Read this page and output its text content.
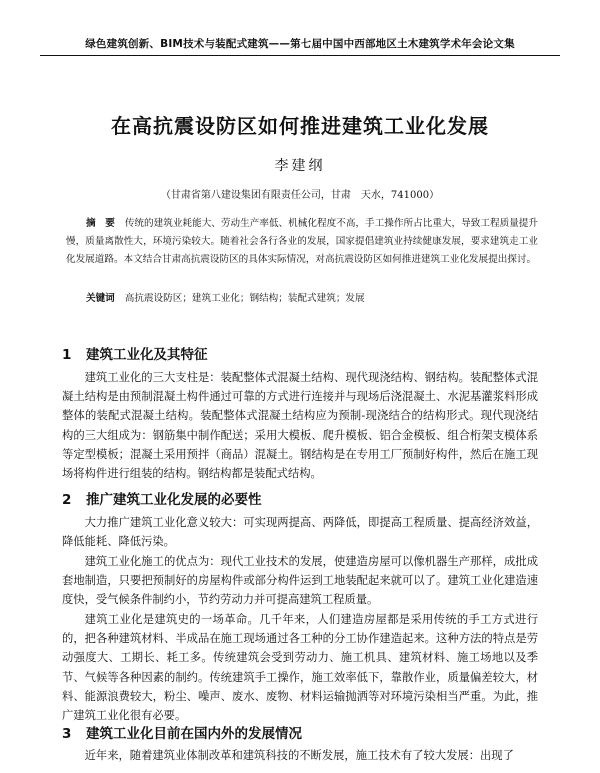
绿色建筑创新、BIM技术与装配式建筑——第七届中国中西部地区土木建筑学术年会论文集
在高抗震设防区如何推进建筑工业化发展
李建纲
（甘肃省第八建设集团有限责任公司，甘肃　天水，741000）
摘　要 传统的建筑业耗能大、劳动生产率低、机械化程度不高，手工操作所占比重大，导致工程质量提升慢，质量离散性大，环境污染较大。随着社会各行各业的发展，国家提倡建筑业持续健康发展，要求建筑走工业化发展道路。本文结合甘肃高抗震设防区的具体实际情况，对高抗震设防区如何推进建筑工业化发展提出探讨。
关键词 高抗震设防区；建筑工业化；钢结构；装配式建筑；发展
1 建筑工业化及其特征
建筑工业化的三大支柱是：装配整体式混凝土结构、现代现浇结构、钢结构。装配整体式混凝土结构是由预制混凝土构件通过可靠的方式进行连接并与现场后浇混凝土、水泥基灌浆料形成整体的装配式混凝土结构。装配整体式混凝土结构应为预制-现浇结合的结构形式。现代现浇结构的三大组成为：钢筋集中制作配送；采用大模板、爬升模板、铝合金模板、组合桁架支模体系等定型模板；混凝土采用预拌（商品）混凝土。钢结构是在专用工厂预制好构件，然后在施工现场将构件进行组装的结构。钢结构都是装配式结构。
2 推广建筑工业化发展的必要性
大力推广建筑工业化意义较大：可实现两提高、两降低，即提高工程质量、提高经济效益，降低能耗、降低污染。
建筑工业化施工的优点为：现代工业技术的发展，使建造房屋可以像机器生产那样，成批成套地制造，只要把预制好的房屋构件或部分构件运到工地装配起来就可以了。建筑工业化建造速度快，受气候条件制约小，节约劳动力并可提高建筑工程质量。
建筑工业化是建筑史的一场革命。几千年来，人们建造房屋都是采用传统的手工方式进行的，把各种建筑材料、半成品在施工现场通过各工种的分工协作建造起来。这种方法的特点是劳动强度大、工期长、耗工多。传统建筑会受到劳动力、施工机具、建筑材料、施工场地以及季节、气候等各种因素的制约。传统建筑手工操作，施工效率低下，靠散作业，质量偏差较大，材料、能源浪费较大，粉尘、噪声、废水、废物、材料运输抛洒等对环境污染相当严重。为此，推广建筑工业化很有必要。
3 建筑工业化目前在国内外的发展情况
近年来，随着建筑业体制改革和建筑科技的不断发展，施工技术有了较大发展：出现了
